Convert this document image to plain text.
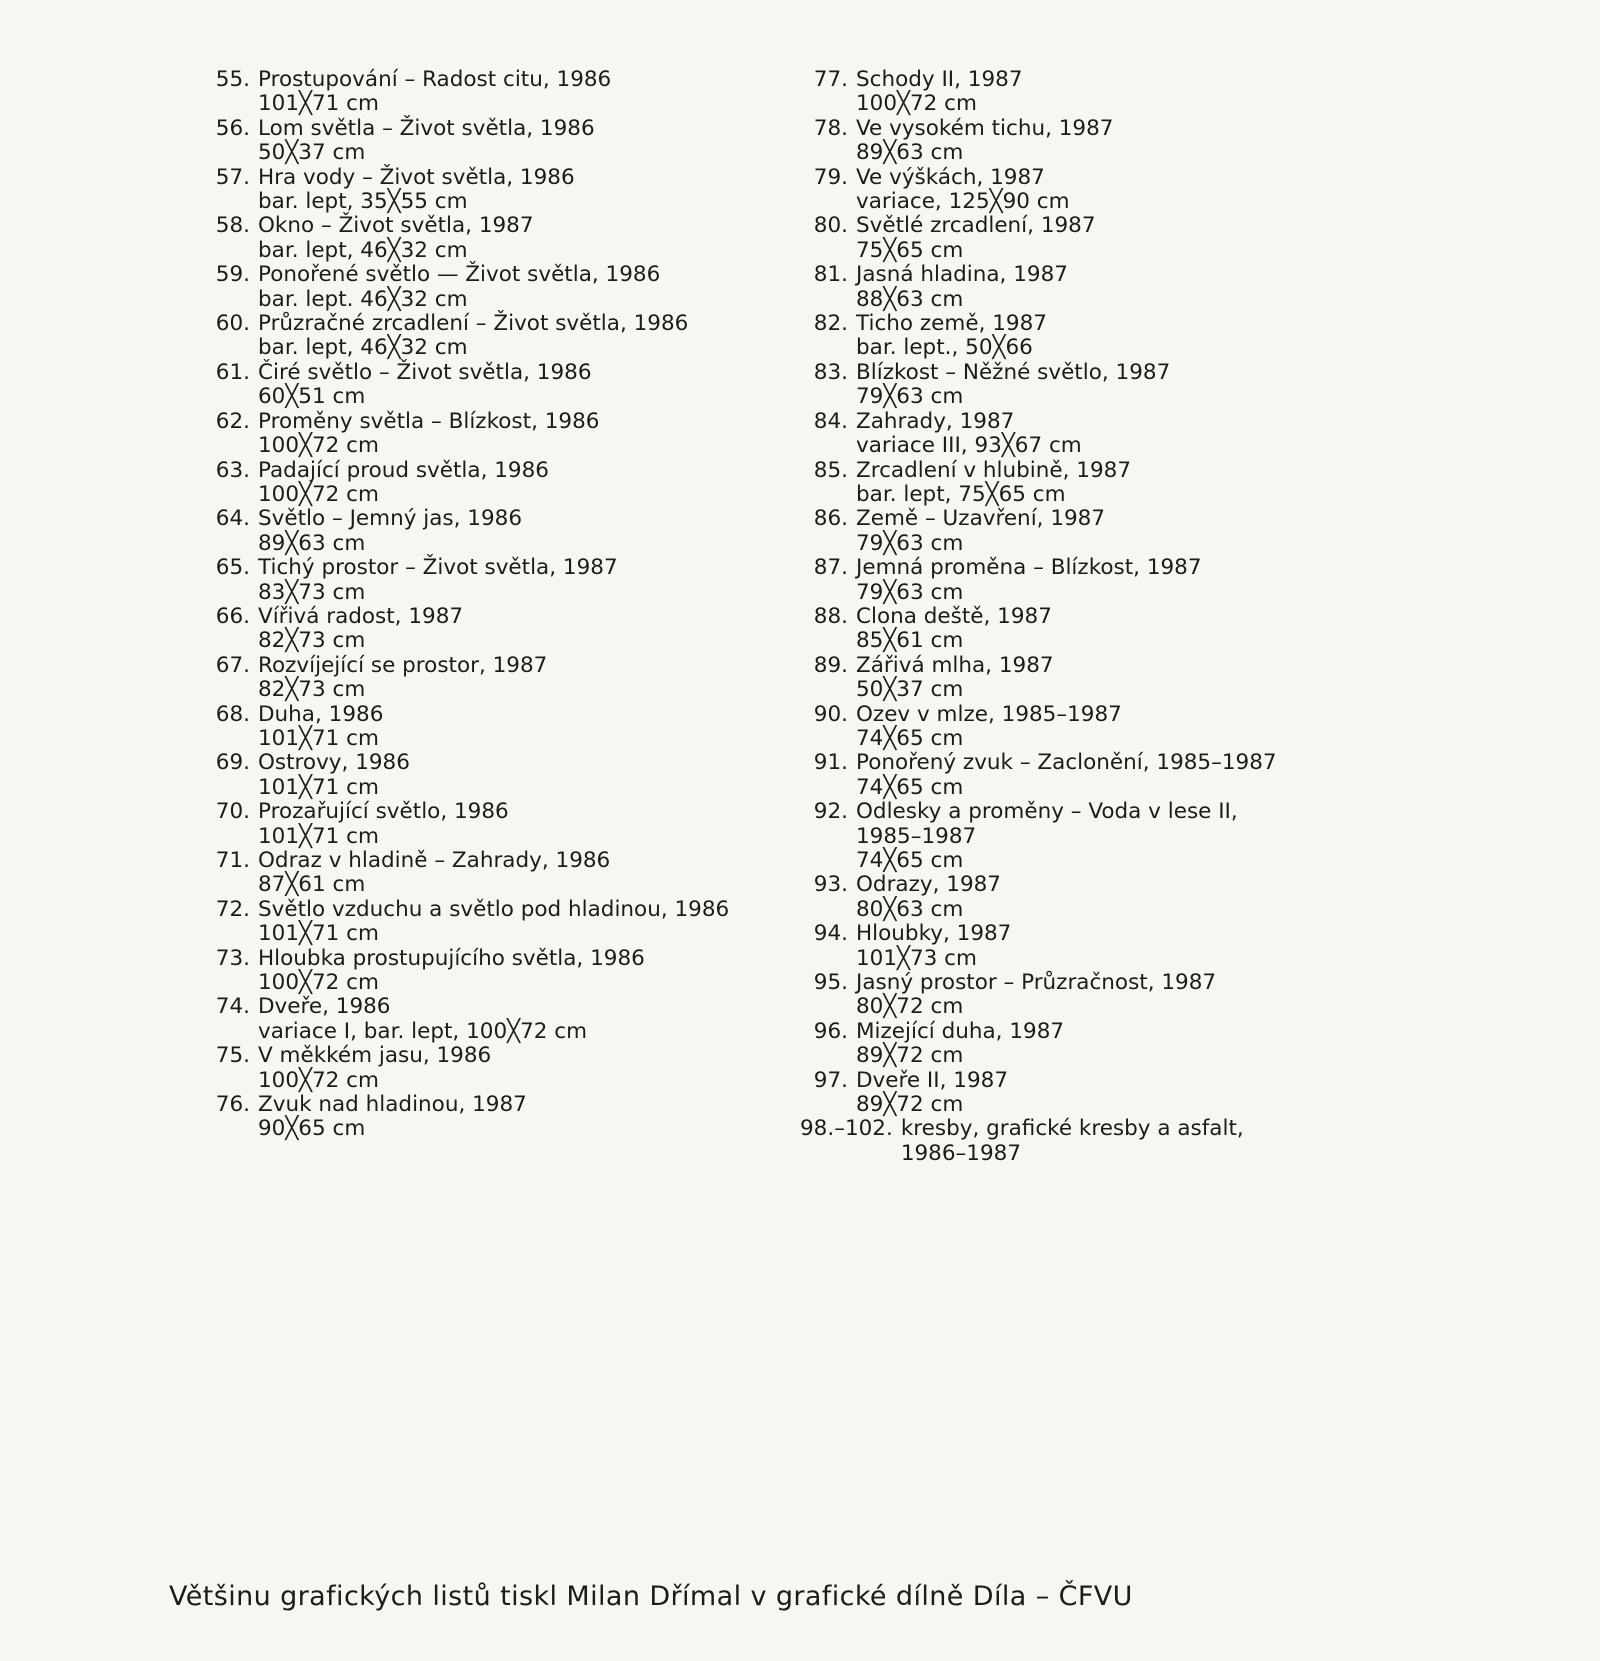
55. Prostupování – Radost citu, 1986
101╳71 cm
56. Lom světla – Život světla, 1986
50╳37 cm
57. Hra vody – Život světla, 1986
bar. lept, 35╳55 cm
58. Okno – Život světla, 1987
bar. lept, 46╳32 cm
59. Ponořené světlo — Život světla, 1986
bar. lept. 46╳32 cm
60. Průzračné zrcadlení – Život světla, 1986
bar. lept, 46╳32 cm
61. Čiré světlo – Život světla, 1986
60╳51 cm
62. Proměny světla – Blízkost, 1986
100╳72 cm
63. Padající proud světla, 1986
100╳72 cm
64. Světlo – Jemný jas, 1986
89╳63 cm
65. Tichý prostor – Život světla, 1987
83╳73 cm
66. Vířivá radost, 1987
82╳73 cm
67. Rozvíjející se prostor, 1987
82╳73 cm
68. Duha, 1986
101╳71 cm
69. Ostrovy, 1986
101╳71 cm
70. Prozařující světlo, 1986
101╳71 cm
71. Odraz v hladině – Zahrady, 1986
87╳61 cm
72. Světlo vzduchu a světlo pod hladinou, 1986
101╳71 cm
73. Hloubka prostupujícího světla, 1986
100╳72 cm
74. Dveře, 1986
variace I, bar. lept, 100╳72 cm
75. V měkkém jasu, 1986
100╳72 cm
76. Zvuk nad hladinou, 1987
90╳65 cm
77. Schody II, 1987
100╳72 cm
78. Ve vysokém tichu, 1987
89╳63 cm
79. Ve výškách, 1987
variace, 125╳90 cm
80. Světlé zrcadlení, 1987
75╳65 cm
81. Jasná hladina, 1987
88╳63 cm
82. Ticho země, 1987
bar. lept., 50╳66
83. Blízkost – Něžné světlo, 1987
79╳63 cm
84. Zahrady, 1987
variace III, 93╳67 cm
85. Zrcadlení v hlubině, 1987
bar. lept, 75╳65 cm
86. Země – Uzavření, 1987
79╳63 cm
87. Jemná proměna – Blízkost, 1987
79╳63 cm
88. Clona deště, 1987
85╳61 cm
89. Zářivá mlha, 1987
50╳37 cm
90. Ozev v mlze, 1985–1987
74╳65 cm
91. Ponořený zvuk – Zaclonění, 1985–1987
74╳65 cm
92. Odlesky a proměny – Voda v lese II,
1985–1987
74╳65 cm
93. Odrazy, 1987
80╳63 cm
94. Hloubky, 1987
101╳73 cm
95. Jasný prostor – Průzračnost, 1987
80╳72 cm
96. Mizející duha, 1987
89╳72 cm
97. Dveře II, 1987
89╳72 cm
98.–102. kresby, grafické kresby a asfalt,
1986–1987
Většinu grafických listů tiskl Milan Dřímal v grafické dílně Díla – ČFVU
